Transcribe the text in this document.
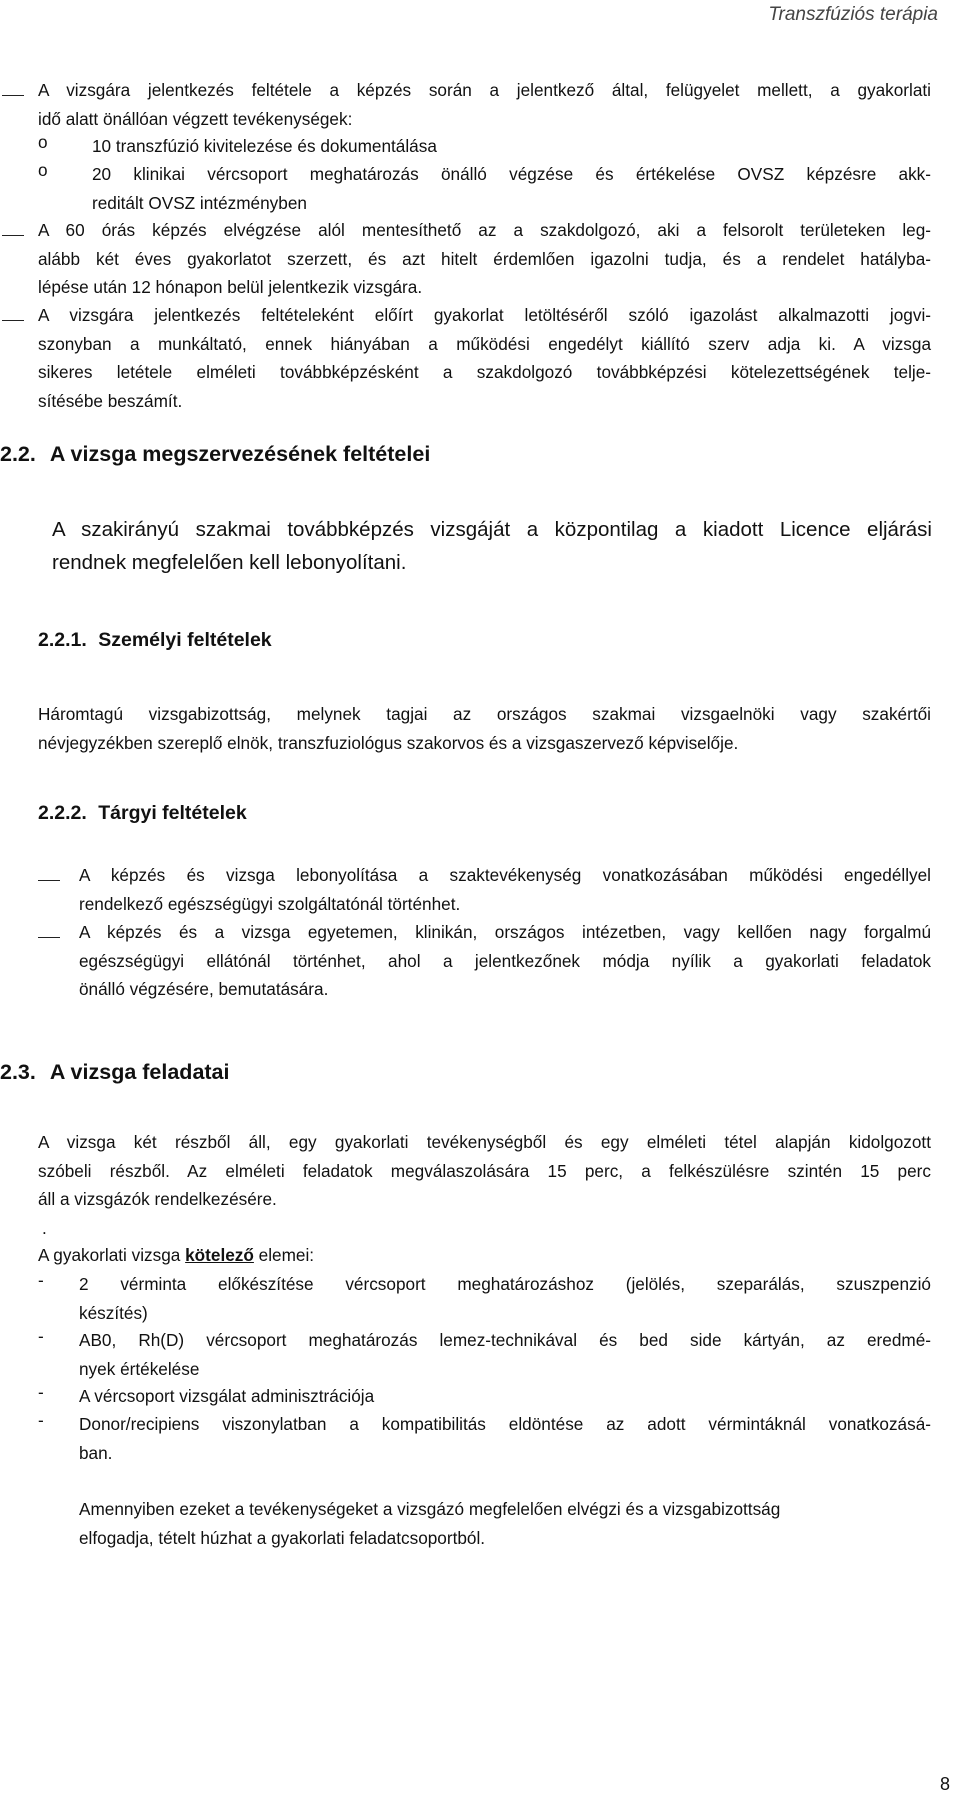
Transzfúziós terápia
A vizsgára jelentkezés feltétele a képzés során a jelentkező által, felügyelet mellett, a gyakorlati
idő alatt önállóan végzett tevékenységek:
o	10 transzfúzió kivitelezése és dokumentálása
o	20 klinikai vércsoport meghatározás önálló végzése és értékelése OVSZ képzésre akk-
reditált OVSZ intézményben
A 60 órás képzés elvégzése alól mentesíthető az a szakdolgozó, aki a felsorolt területeken leg-
alább két éves gyakorlatot szerzett, és azt hitelt érdemlően igazolni tudja, és a rendelet hatályba-
lépése után 12 hónapon belül jelentkezik vizsgára.
A vizsgára jelentkezés feltételeként előírt gyakorlat letöltéséről szóló igazolást alkalmazotti jogvi-
szonyban a munkáltató, ennek hiányában a működési engedélyt kiállító szerv adja ki. A vizsga
sikeres letétele elméleti továbbképzésként a szakdolgozó továbbképzési kötelezettségének telje-
sítésébe beszámít.
2.2. A vizsga megszervezésének feltételei
A szakirányú szakmai továbbképzés vizsgáját a központilag a kiadott Licence eljárási
rendnek megfelelően kell lebonyolítani.
2.2.1. Személyi feltételek
Háromtagú vizsgabizottság, melynek tagjai az országos szakmai vizsgaelnöki vagy szakértői
névjegyzékben szereplő elnök, transzfuziológus szakorvos és a vizsgaszervező képviselője.
2.2.2. Tárgyi feltételek
A képzés és vizsga lebonyolítása a szaktevékenység vonatkozásában működési engedéllyel
rendelkező egészségügyi szolgáltatónál történhet.
A képzés és a vizsga egyetemen, klinikán, országos intézetben, vagy kellően nagy forgalmú
egészségügyi ellátónál történhet, ahol a jelentkezőnek módja nyílik a gyakorlati feladatok
önálló végzésére, bemutatására.
2.3. A vizsga feladatai
A vizsga két részből áll, egy gyakorlati tevékenységből és egy elméleti tétel alapján kidolgozott
szóbeli részből. Az elméleti feladatok megválaszolására 15 perc, a felkészülésre szintén 15 perc
áll a vizsgázók rendelkezésére.
.
A gyakorlati vizsga kötelező elemei:
- 2 vérminta előkészítése vércsoport meghatározáshoz (jelölés, szeparálás, szuszpenzió
készítés)
- AB0, Rh(D) vércsoport meghatározás lemez-technikával és bed side kártyán, az eredmé-
nyek értékelése
- A vércsoport vizsgálat adminisztrációja
- Donor/recipiens viszonylatban a kompatibilitás eldöntése az adott vérmintáknál vonatkozásá-
ban.
Amennyiben ezeket a tevékenységeket a vizsgázó megfelelően elvégzi és a vizsgabizottság
elfogadja, tételt húzhat a gyakorlati feladatcsoportból.
8
